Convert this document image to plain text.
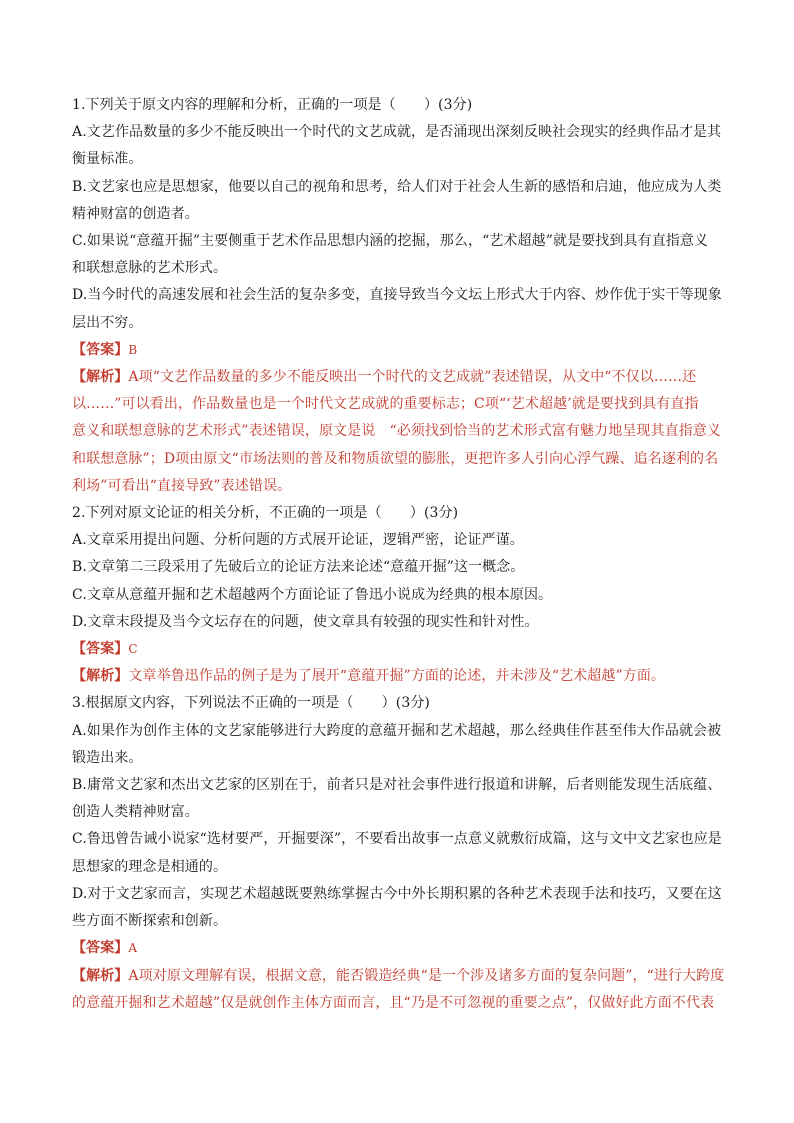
1.下列关于原文内容的理解和分析，正确的一项是（　　）(3分)
A.文艺作品数量的多少不能反映出一个时代的文艺成就，是否涌现出深刻反映社会现实的经典作品才是其
衡量标准。
B.文艺家也应是思想家，他要以自己的视角和思考，给人们对于社会人生新的感悟和启迪，他应成为人类
精神财富的创造者。
C.如果说“意蕴开掘”主要侧重于艺术作品思想内涵的挖掘，那么，“艺术超越”就是要找到具有直指意义
和联想意脉的艺术形式。
D.当今时代的高速发展和社会生活的复杂多变，直接导致当今文坛上形式大于内容、炒作优于实干等现象
层出不穷。
【答案】B
【解析】A项“文艺作品数量的多少不能反映出一个时代的文艺成就”表述错误，从文中“不仅以……还
以……”可以看出，作品数量也是一个时代文艺成就的重要标志；C项“‘艺术超越’就是要找到具有直指
意义和联想意脉的艺术形式”表述错误，原文是说　“必须找到恰当的艺术形式富有魅力地呈现其直指意义
和联想意脉”；D项由原文“市场法则的普及和物质欲望的膨胀，更把许多人引向心浮气躁、追名逐利的名
利场”可看出“直接导致”表述错误。
2.下列对原文论证的相关分析，不正确的一项是（　　）(3分)
A.文章采用提出问题、分析问题的方式展开论证，逻辑严密，论证严谨。
B.文章第二三段采用了先破后立的论证方法来论述“意蕴开掘”这一概念。
C.文章从意蕴开掘和艺术超越两个方面论证了鲁迅小说成为经典的根本原因。
D.文章末段提及当今文坛存在的问题，使文章具有较强的现实性和针对性。
【答案】C
【解析】文章举鲁迅作品的例子是为了展开“意蕴开掘”方面的论述，并未涉及“艺术超越”方面。
3.根据原文内容，下列说法不正确的一项是（　　）(3分)
A.如果作为创作主体的文艺家能够进行大跨度的意蕴开掘和艺术超越，那么经典佳作甚至伟大作品就会被
锻造出来。
B.庸常文艺家和杰出文艺家的区别在于，前者只是对社会事件进行报道和讲解，后者则能发现生活底蕴、
创造人类精神财富。
C.鲁迅曾告诫小说家“选材要严，开掘要深”，不要看出故事一点意义就敷衍成篇，这与文中文艺家也应是
思想家的理念是相通的。
D.对于文艺家而言，实现艺术超越既要熟练掌握古今中外长期积累的各种艺术表现手法和技巧，又要在这
些方面不断探索和创新。
【答案】A
【解析】A项对原文理解有误，根据文意，能否锻造经典“是一个涉及诸多方面的复杂问题”，“进行大跨度
的意蕴开掘和艺术超越”仅是就创作主体方面而言，且“乃是不可忽视的重要之点”，仅做好此方面不代表
